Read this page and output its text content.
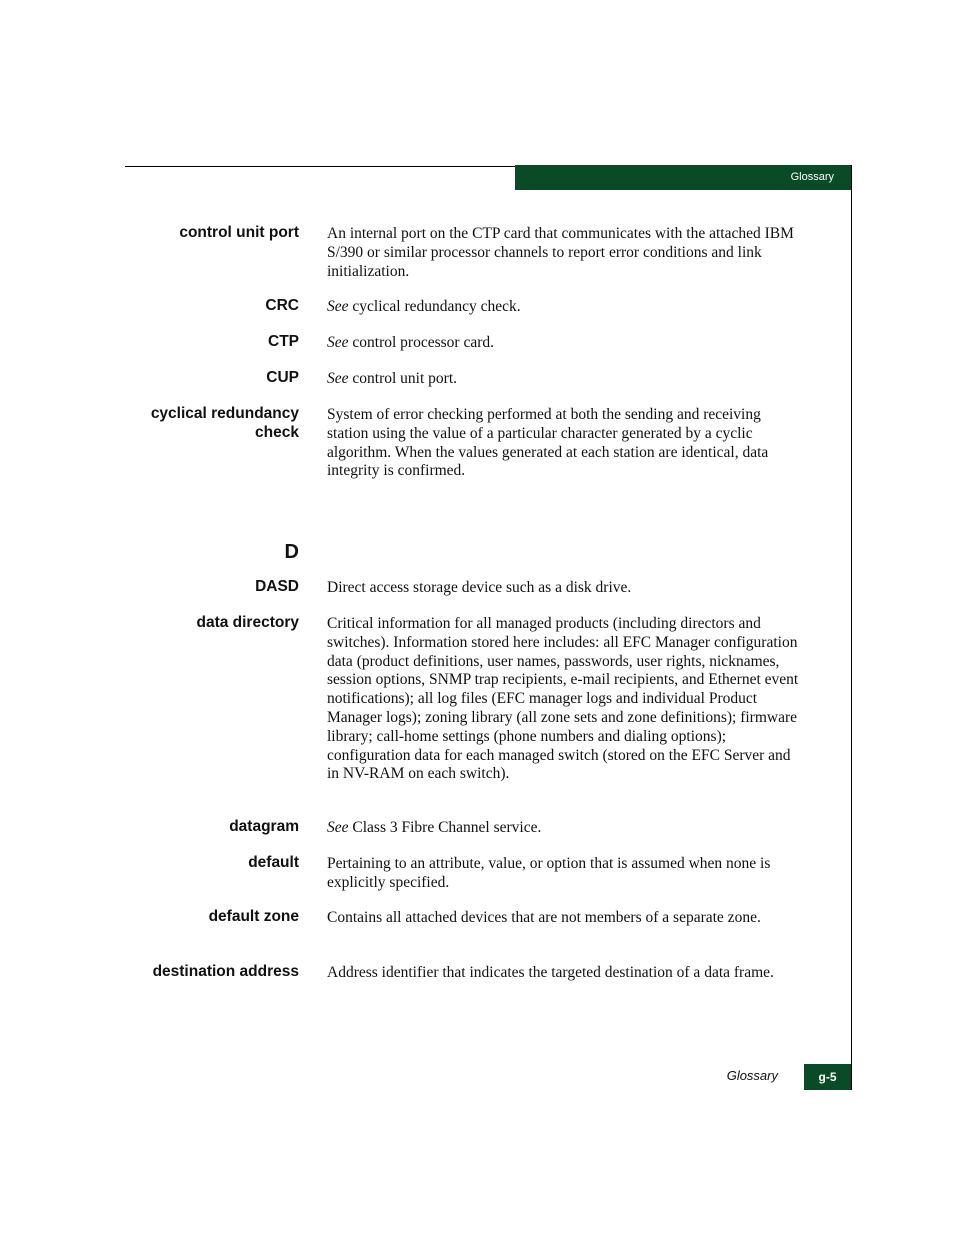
Glossary
control unit port An internal port on the CTP card that communicates with the attached IBM S/390 or similar processor channels to report error conditions and link initialization.
CRC See cyclical redundancy check.
CTP See control processor card.
CUP See control unit port.
cyclical redundancy check
System of error checking performed at both the sending and receiving station using the value of a particular character generated by a cyclic algorithm. When the values generated at each station are identical, data integrity is confirmed.
D
DASD Direct access storage device such as a disk drive.
data directory Critical information for all managed products (including directors and switches). Information stored here includes: all EFC Manager configuration data (product definitions, user names, passwords, user rights, nicknames, session options, SNMP trap recipients, e-mail recipients, and Ethernet event notifications); all log files (EFC manager logs and individual Product Manager logs); zoning library (all zone sets and zone definitions); firmware library; call-home settings (phone numbers and dialing options); configuration data for each managed switch (stored on the EFC Server and in NV-RAM on each switch).
datagram See Class 3 Fibre Channel service.
default Pertaining to an attribute, value, or option that is assumed when none is explicitly specified.
default zone Contains all attached devices that are not members of a separate zone.
destination address Address identifier that indicates the targeted destination of a data frame.
Glossary	g-5
